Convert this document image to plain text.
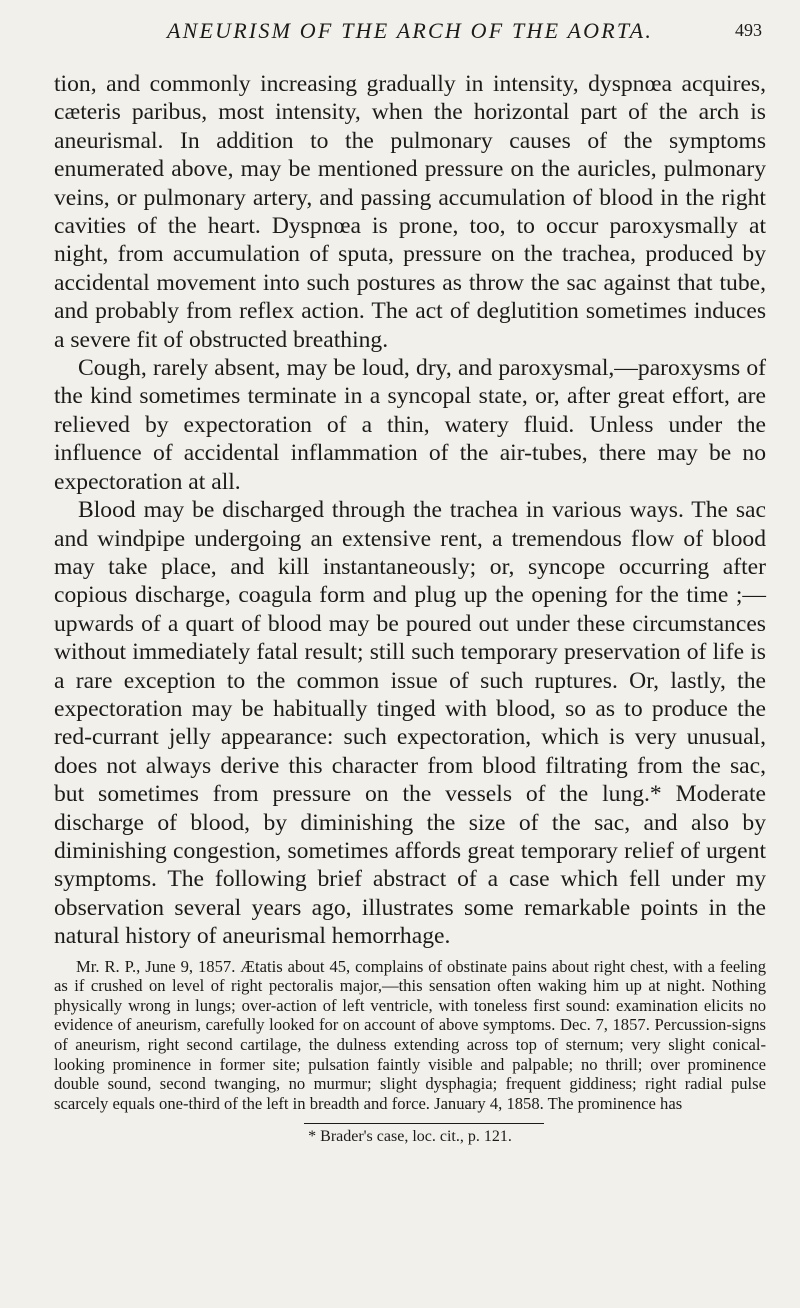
ANEURISM OF THE ARCH OF THE AORTA.	493

tion, and commonly increasing gradually in intensity, dyspnœa acquires, cæteris paribus, most intensity, when the horizontal part of the arch is aneurismal. In addition to the pulmonary causes of the symptoms enumerated above, may be mentioned pressure on the auricles, pulmonary veins, or pulmonary artery, and passing accumulation of blood in the right cavities of the heart. Dyspnœa is prone, too, to occur paroxysmally at night, from accumulation of sputa, pressure on the trachea, produced by accidental movement into such postures as throw the sac against that tube, and probably from reflex action. The act of deglutition sometimes induces a severe fit of obstructed breathing.

Cough, rarely absent, may be loud, dry, and paroxysmal,—paroxysms of the kind sometimes terminate in a syncopal state, or, after great effort, are relieved by expectoration of a thin, watery fluid. Unless under the influence of accidental inflammation of the air-tubes, there may be no expectoration at all.

Blood may be discharged through the trachea in various ways. The sac and windpipe undergoing an extensive rent, a tremendous flow of blood may take place, and kill instantaneously; or, syncope occurring after copious discharge, coagula form and plug up the opening for the time ;—upwards of a quart of blood may be poured out under these circumstances without immediately fatal result; still such temporary preservation of life is a rare exception to the common issue of such ruptures. Or, lastly, the expectoration may be habitually tinged with blood, so as to produce the red-currant jelly appearance: such expectoration, which is very unusual, does not always derive this character from blood filtrating from the sac, but sometimes from pressure on the vessels of the lung.* Moderate discharge of blood, by diminishing the size of the sac, and also by diminishing congestion, sometimes affords great temporary relief of urgent symptoms. The following brief abstract of a case which fell under my observation several years ago, illustrates some remarkable points in the natural history of aneurismal hemorrhage.

Mr. R. P., June 9, 1857. Ætatis about 45, complains of obstinate pains about right chest, with a feeling as if crushed on level of right pectoralis major,—this sensation often waking him up at night. Nothing physically wrong in lungs; over-action of left ventricle, with toneless first sound: examination elicits no evidence of aneurism, carefully looked for on account of above symptoms. Dec. 7, 1857. Percussion-signs of aneurism, right second cartilage, the dulness extending across top of sternum; very slight conical-looking prominence in former site; pulsation faintly visible and palpable; no thrill; over prominence double sound, second twanging, no murmur; slight dysphagia; frequent giddiness; right radial pulse scarcely equals one-third of the left in breadth and force. January 4, 1858. The prominence has
* Brader's case, loc. cit., p. 121.
